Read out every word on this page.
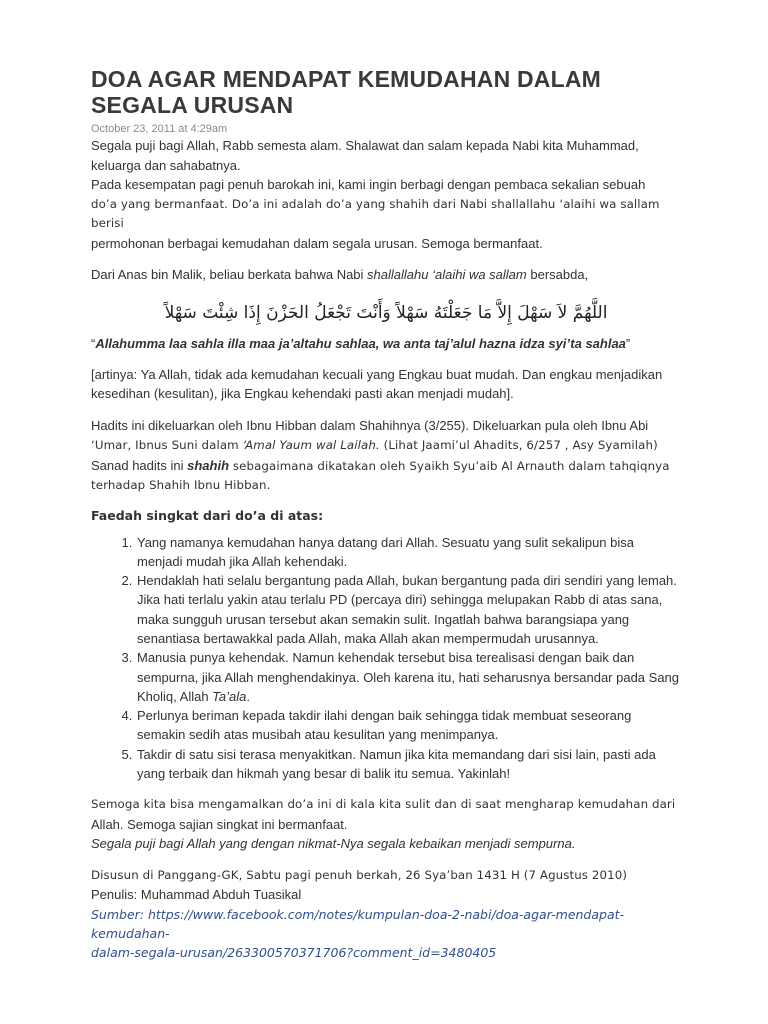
DOA AGAR MENDAPAT KEMUDAHAN DALAM SEGALA URUSAN
October 23, 2011 at 4:29am

Segala puji bagi Allah, Rabb semesta alam. Shalawat dan salam kepada Nabi kita Muhammad, keluarga dan sahabatnya.

Pada kesempatan pagi penuh barokah ini, kami ingin berbagi dengan pembaca sekalian sebuah

do’a yang bermanfaat. Do’a ini adalah do’a yang shahih dari Nabi shallallahu ‘alaihi wa sallam berisi

permohonan berbagai kemudahan dalam segala urusan. Semoga bermanfaat.

Dari Anas bin Malik, beliau berkata bahwa Nabi shallallahu ‘alaihi wa sallam bersabda,

اللَّهُمَّ لاَ سَهْلَ إِلاَّ مَا جَعَلْتَهُ سَهْلاً وَأَنْتَ تَجْعَلُ الحَزْنَ إِذَا شِئْتَ سَهْلاً

“Allahumma laa sahla illa maa ja’altahu sahlaa, wa anta taj’alul hazna idza syi’ta sahlaa”

[artinya: Ya Allah, tidak ada kemudahan kecuali yang Engkau buat mudah. Dan engkau menjadikan kesedihan (kesulitan), jika Engkau kehendaki pasti akan menjadi mudah].

Hadits ini dikeluarkan oleh Ibnu Hibban dalam Shahihnya (3/255). Dikeluarkan pula oleh Ibnu Abi

‘Umar, Ibnus Suni dalam ‘Amal Yaum wal Lailah. (Lihat Jaami’ul Ahadits, 6/257 , Asy Syamilah)

Sanad hadits ini shahih sebagaimana dikatakan oleh Syaikh Syu’aib Al Arnauth dalam tahqiqnya

terhadap Shahih Ibnu Hibban.

Faedah singkat dari do’a di atas:

1. Yang namanya kemudahan hanya datang dari Allah. Sesuatu yang sulit sekalipun bisa menjadi mudah jika Allah kehendaki.
2. Hendaklah hati selalu bergantung pada Allah, bukan bergantung pada diri sendiri yang lemah. Jika hati terlalu yakin atau terlalu PD (percaya diri) sehingga melupakan Rabb di atas sana, maka sungguh urusan tersebut akan semakin sulit. Ingatlah bahwa barangsiapa yang senantiasa bertawakkal pada Allah, maka Allah akan mempermudah urusannya.
3. Manusia punya kehendak. Namun kehendak tersebut bisa terealisasi dengan baik dan sempurna, jika Allah menghendakinya. Oleh karena itu, hati seharusnya bersandar pada Sang Kholiq, Allah Ta’ala.
4. Perlunya beriman kepada takdir ilahi dengan baik sehingga tidak membuat seseorang semakin sedih atas musibah atau kesulitan yang menimpanya.
5. Takdir di satu sisi terasa menyakitkan. Namun jika kita memandang dari sisi lain, pasti ada yang terbaik dan hikmah yang besar di balik itu semua. Yakinlah!

Semoga kita bisa mengamalkan do’a ini di kala kita sulit dan di saat mengharap kemudahan dari

Allah. Semoga sajian singkat ini bermanfaat.

Segala puji bagi Allah yang dengan nikmat-Nya segala kebaikan menjadi sempurna.

Disusun di Panggang-GK, Sabtu pagi penuh berkah, 26 Sya’ban 1431 H (7 Agustus 2010)

Penulis: Muhammad Abduh Tuasikal

Sumber: https://www.facebook.com/notes/kumpulan-doa-2-nabi/doa-agar-mendapat-kemudahan-
dalam-segala-urusan/263300570371706?comment_id=3480405
